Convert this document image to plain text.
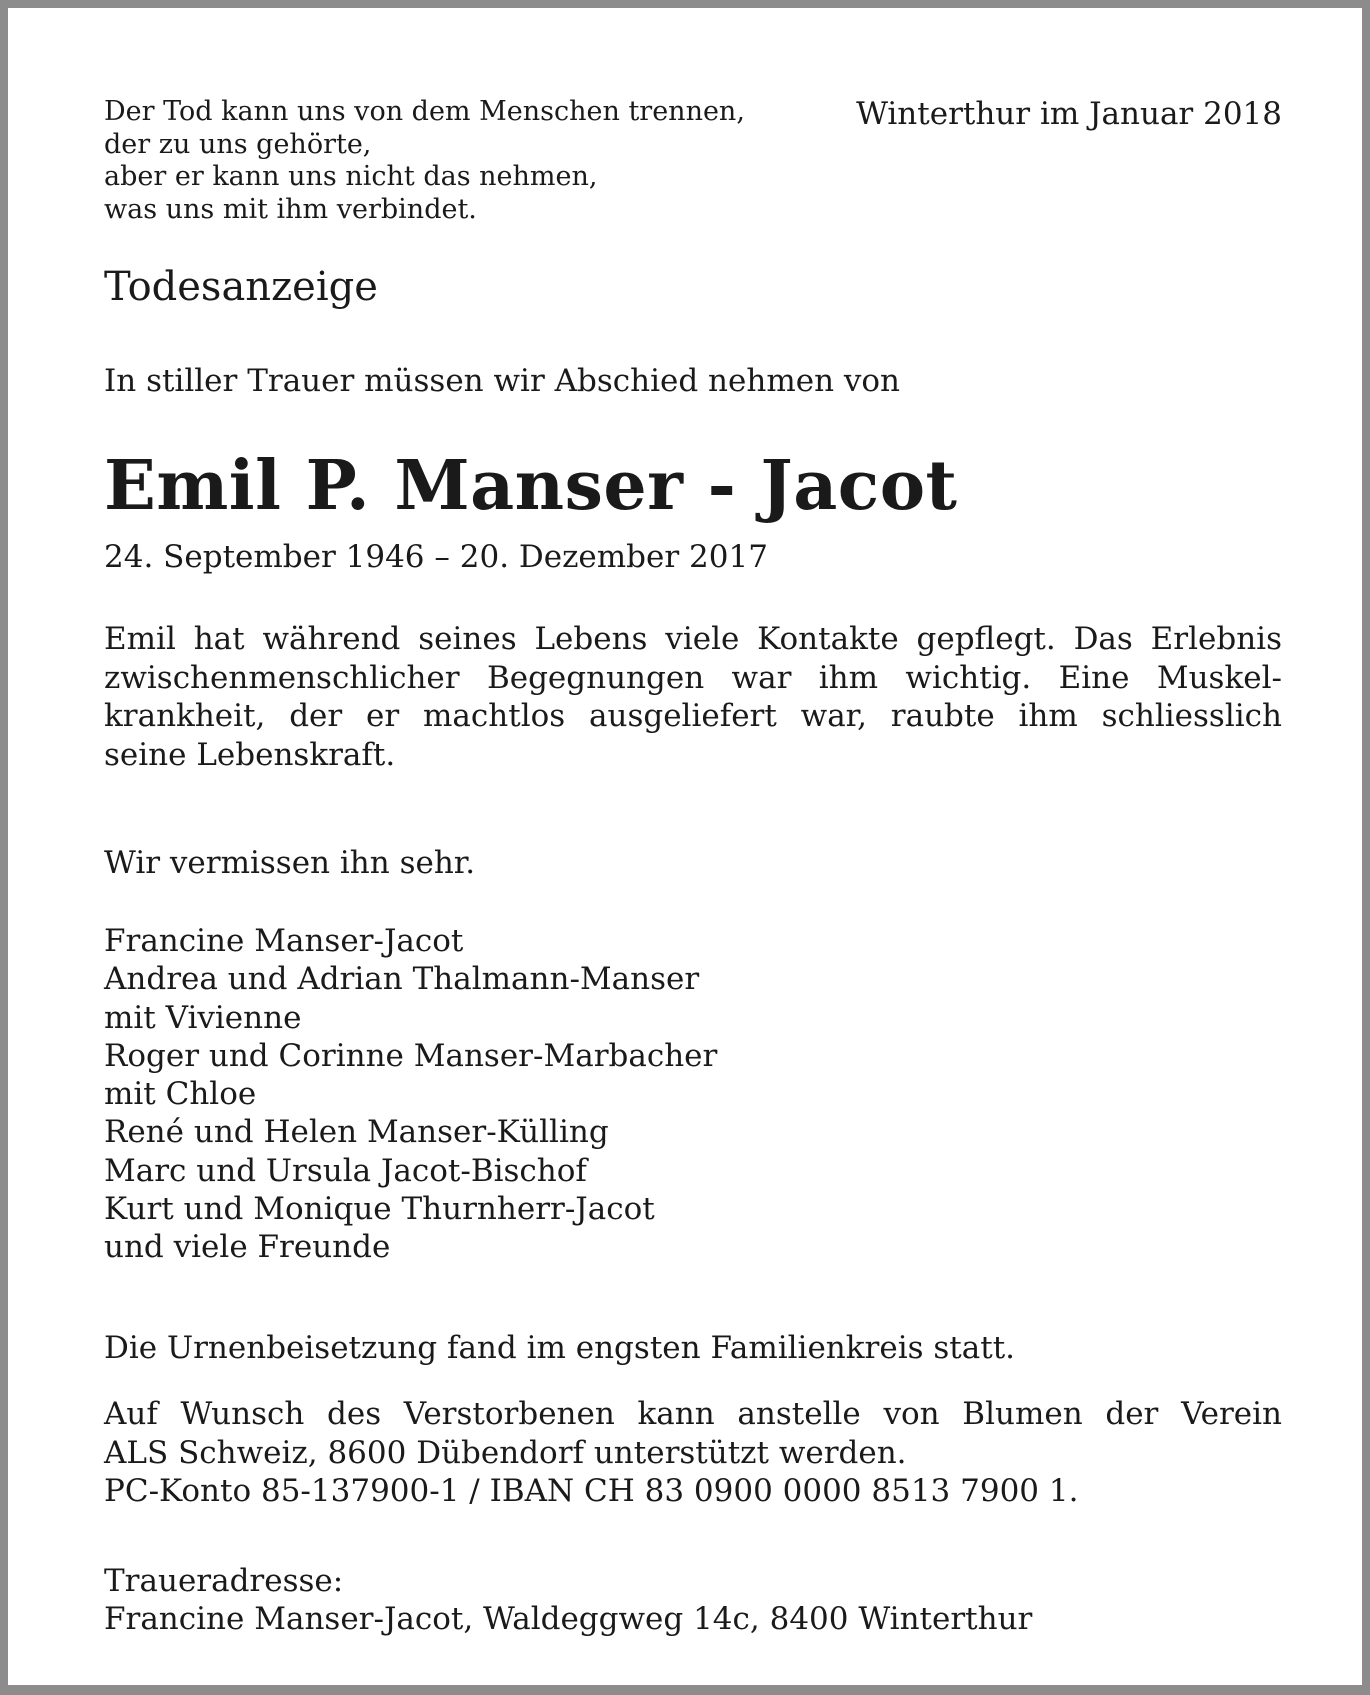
Der Tod kann uns von dem Menschen trennen,
der zu uns gehörte,
aber er kann uns nicht das nehmen,
was uns mit ihm verbindet.

Winterthur im Januar 2018

Todesanzeige

In stiller Trauer müssen wir Abschied nehmen von

Emil P. Manser - Jacot

24. September 1946 – 20. Dezember 2017

Emil hat während seines Lebens viele Kontakte gepflegt. Das Erlebnis
zwischenmenschlicher Begegnungen war ihm wichtig. Eine Muskel-
krankheit, der er machtlos ausgeliefert war, raubte ihm schliesslich
seine Lebenskraft.

Wir vermissen ihn sehr.

Francine Manser-Jacot
Andrea und Adrian Thalmann-Manser
mit Vivienne
Roger und Corinne Manser-Marbacher
mit Chloe
René und Helen Manser-Külling
Marc und Ursula Jacot-Bischof
Kurt und Monique Thurnherr-Jacot
und viele Freunde

Die Urnenbeisetzung fand im engsten Familienkreis statt.

Auf Wunsch des Verstorbenen kann anstelle von Blumen der Verein
ALS Schweiz, 8600 Dübendorf unterstützt werden.
PC-Konto 85-137900-1 / IBAN CH 83 0900 0000 8513 7900 1.

Traueradresse:
Francine Manser-Jacot, Waldeggweg 14c, 8400 Winterthur
